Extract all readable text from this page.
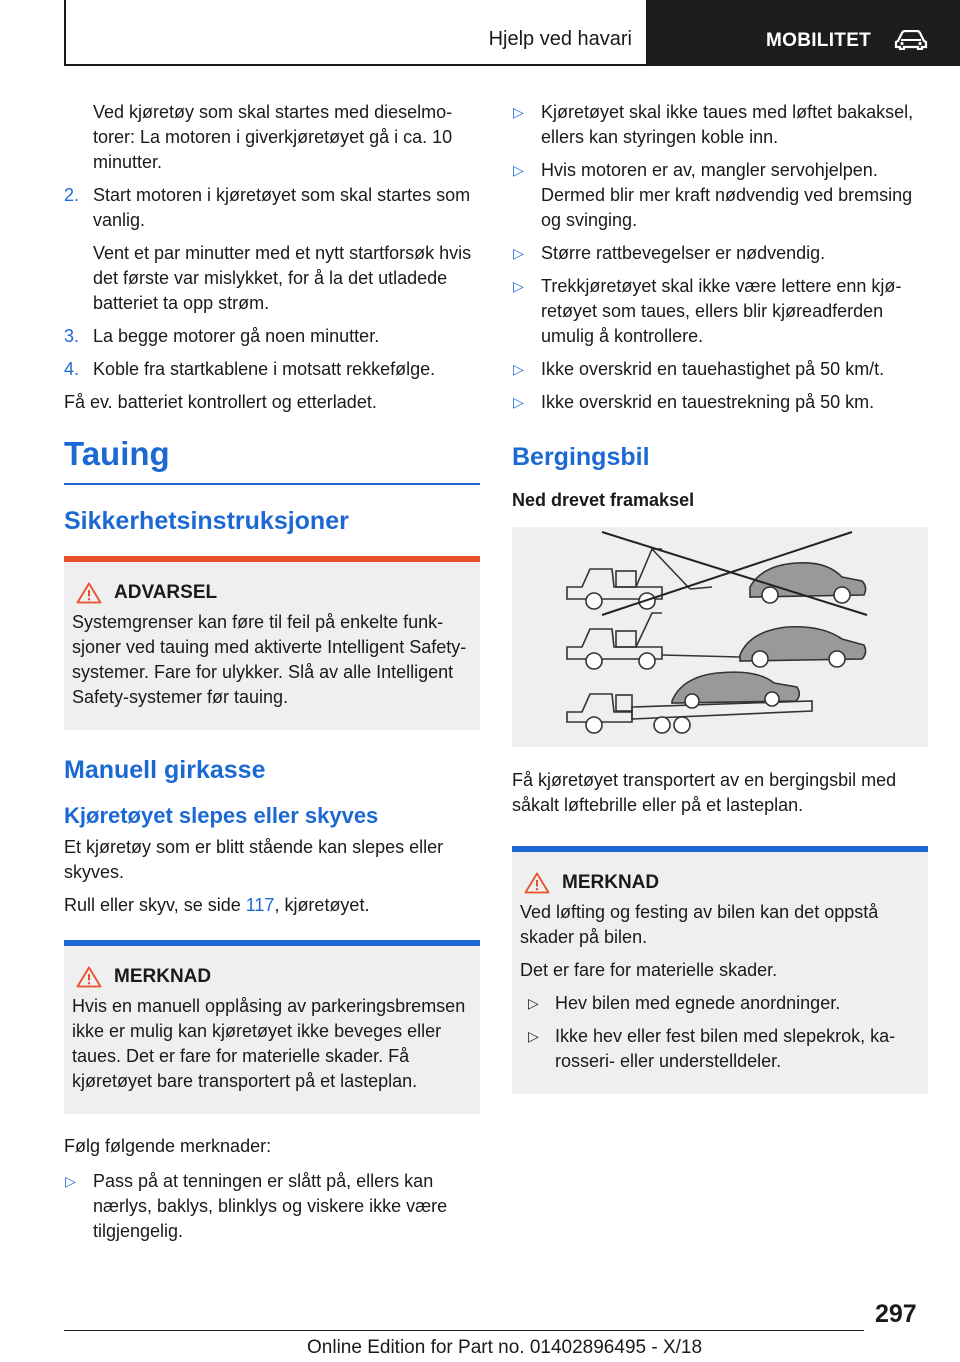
Hjelp ved havari	MOBILITET

Ved kjøretøy som skal startes med dieselmotorer: La motoren i giverkjøretøyet gå i ca. 10 minutter.

2. Start motoren i kjøretøyet som skal startes som vanlig.

Vent et par minutter med et nytt startforsøk hvis det første var mislykket, for å la det utladede batteriet ta opp strøm.

3. La begge motorer gå noen minutter.

4. Koble fra startkablene i motsatt rekkefølge.

Få ev. batteriet kontrollert og etterladet.

Tauing
Sikkerhetsinstruksjoner
ADVARSEL

Systemgrenser kan føre til feil på enkelte funksjoner ved tauing med aktiverte Intelligent Safety-systemer. Fare for ulykker. Slå av alle Intelligent Safety-systemer før tauing.

Manuell girkasse
Kjøretøyet slepes eller skyves

Et kjøretøy som er blitt stående kan slepes eller skyves.

Rull eller skyv, se side 117, kjøretøyet.

MERKNAD

Hvis en manuell opplåsing av parkeringsbremsen ikke er mulig kan kjøretøyet ikke beveges eller taues. Det er fare for materielle skader. Få kjøretøyet bare transportert på et lasteplan.

Følg følgende merknader:

▷ Pass på at tenningen er slått på, ellers kan nærlys, baklys, blinklys og viskere ikke være tilgjengelig.

▷ Kjøretøyet skal ikke taues med løftet bakaksel, ellers kan styringen koble inn.

▷ Hvis motoren er av, mangler servohjelpen. Dermed blir mer kraft nødvendig ved bremsing og svinging.

▷ Større rattbevegelser er nødvendig.

▷ Trekkjøretøyet skal ikke være lettere enn kjøretøyet som taues, ellers blir kjøreadferden umulig å kontrollere.

▷ Ikke overskrid en tauehastighet på 50 km/t.

▷ Ikke overskrid en tauestrekning på 50 km.

Bergingsbil
Ned drevet framaksel

Få kjøretøyet transportert av en bergingsbil med såkalt løftebrille eller på et lasteplan.

MERKNAD

Ved løfting og festing av bilen kan det oppstå skader på bilen.

Det er fare for materielle skader.

▷ Hev bilen med egnede anordninger.

▷ Ikke hev eller fest bilen med slepekrok, karosseri- eller understelldeler.

297
Online Edition for Part no. 01402896495 - X/18
